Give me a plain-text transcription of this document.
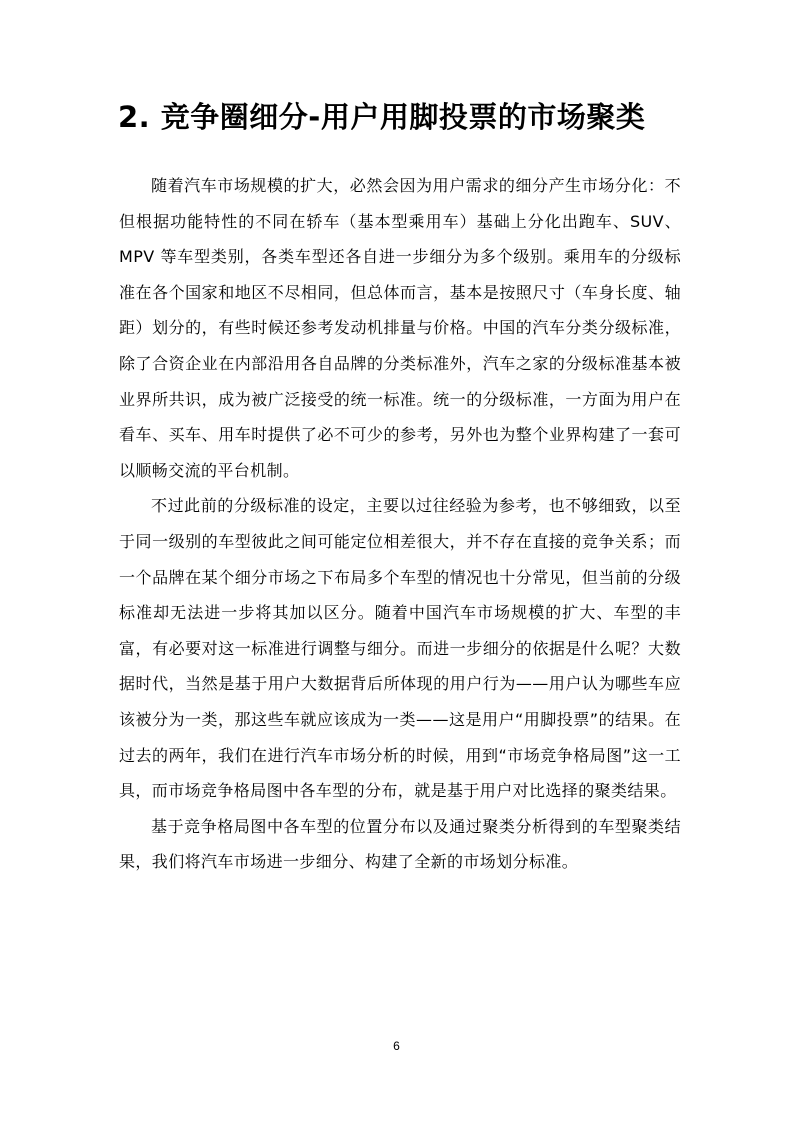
2. 竞争圈细分-用户用脚投票的市场聚类

随着汽车市场规模的扩大，必然会因为用户需求的细分产生市场分化：不但根据功能特性的不同在轿车（基本型乘用车）基础上分化出跑车、SUV、MPV 等车型类别，各类车型还各自进一步细分为多个级别。乘用车的分级标准在各个国家和地区不尽相同，但总体而言，基本是按照尺寸（车身长度、轴距）划分的，有些时候还参考发动机排量与价格。中国的汽车分类分级标准，除了合资企业在内部沿用各自品牌的分类标准外，汽车之家的分级标准基本被业界所共识，成为被广泛接受的统一标准。统一的分级标准，一方面为用户在看车、买车、用车时提供了必不可少的参考，另外也为整个业界构建了一套可以顺畅交流的平台机制。

不过此前的分级标准的设定，主要以过往经验为参考，也不够细致，以至于同一级别的车型彼此之间可能定位相差很大，并不存在直接的竞争关系；而一个品牌在某个细分市场之下布局多个车型的情况也十分常见，但当前的分级标准却无法进一步将其加以区分。随着中国汽车市场规模的扩大、车型的丰富，有必要对这一标准进行调整与细分。而进一步细分的依据是什么呢？大数据时代，当然是基于用户大数据背后所体现的用户行为——用户认为哪些车应该被分为一类，那这些车就应该成为一类——这是用户“用脚投票”的结果。在过去的两年，我们在进行汽车市场分析的时候，用到“市场竞争格局图”这一工具，而市场竞争格局图中各车型的分布，就是基于用户对比选择的聚类结果。

基于竞争格局图中各车型的位置分布以及通过聚类分析得到的车型聚类结果，我们将汽车市场进一步细分、构建了全新的市场划分标准。

6
